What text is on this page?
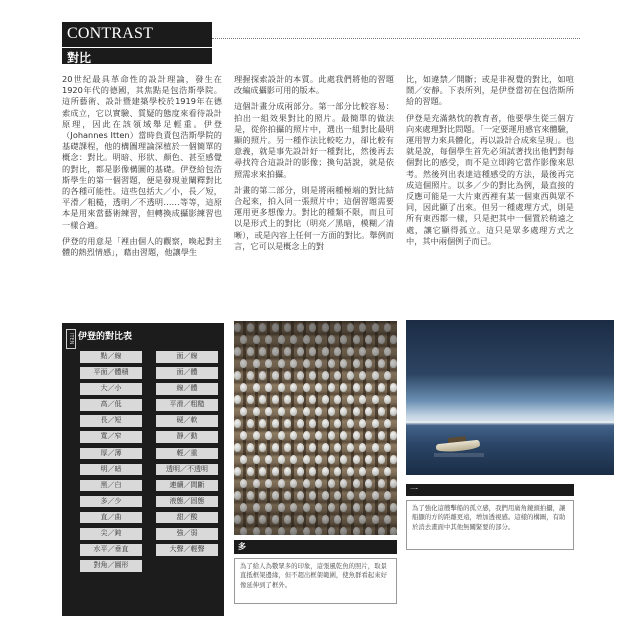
CONTRAST
對比

20世紀最具革命性的設計理論，發生在1920年代的德國，其焦點是包浩斯學院。這所藝術、設計暨建築學校於1919年在德索成立，它以實驗、質疑的態度來看待設計原理，因此在該領域舉足輕重。伊登（Johannes Itten）當時負責包浩斯學院的基礎課程，他的構圖理論深植於一個簡單的概念：對比。明暗、形狀、顏色、甚至感覺的對比，都是影像構圖的基礎。伊登給包浩斯學生的第一個習題，便是發現並闡釋對比的各種可能性。這些包括大／小，長／短，平滑／粗糙，透明／不透明……等等，這原本是用來當藝術練習，但轉換成攝影練習也一樣合適。

伊登的用意是「裡由個人的觀察，喚起對主體的熱烈情感」，藉由習題，他讓學生

理握探索設計的本質。此處我們將他的習題改編成攝影可用的版本。

這個計畫分成兩部分。第一部分比較容易：拍出一組效果對比的照片。最簡單的做法是，從你拍攝的照片中，選出一組對比最明顯的照片。另一種作法比較吃力，卻比較有意義，就是事先設計好一種對比，然後再去尋找符合這設計的影像；換句話說，就是依照需求來拍攝。

計畫的第二部分，則是將兩種極端的對比結合起來，拍入同一張照片中；這個習題需要運用更多想像力。對比的種類不限，而且可以是形式上的對比（明亮／黑暗，模糊／清晰），或是內容上任何一方面的對比。舉例而言，它可以是概念上的對

比，如違禁／開斷；或是非視覺的對比，如喧鬧／安靜。下表所列，是伊登當初在包浩斯所給的習題。

伊登是充滿熱忱的教育者，他要學生從三個方向來處理對比問題。「一定要運用感官來體驗，運用智力來具體化，再以設計合成來呈現」。也就是說，每個學生首先必須試著找出他們對每個對比的感受，而不是立即跨它當作影像來思考。然後列出表達這種感受的方法，最後再完成這個照片。以多／少的對比為例，最直接的反應可能是一大片東西裡有某一個東西與眾不同，因此顯了出來。但另一種處理方式，則是所有東西都一樣，只是把其中一個置於稍遠之處，讓它顯得孤立。這只是眾多處理方式之中，其中兩個例子而已。

ITEN 伊登的對比表
點／線	面／線
平面／體積	面／體
大／小	線／體
高／低	平滑／粗糙
長／短	硬／軟
寬／窄	靜／動
厚／薄	輕／重
明／暗	透明／不透明
黑／白	連續／間斷
多／少	液態／固態
直／曲	甜／酸
尖／鈍	強／弱
水平／垂直	大聲／輕聲
對角／圓形
多

為了給人為數眾多的印象，這張風乾魚的照片，取景直抵框架邊緣，但不超出框架範圍，使魚群看起來好像延伸到了框外。

一

為了強化這艘擊船的孤立感，我們用廣角鏡頭拍攝，讓船顯的方的距離更遠，增加透視感。這樣的構圖，有助於消去畫面中其他無關緊要的部分。
